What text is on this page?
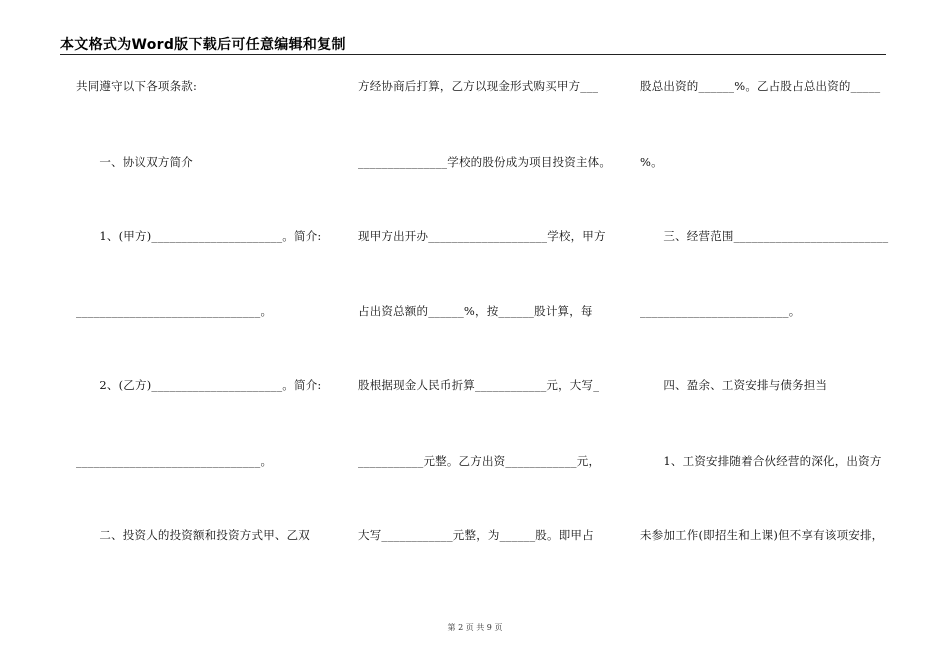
本文格式为Word版下载后可任意编辑和复制
共同遵守以下各项条款:
　　一、协议双方简介
　　1、(甲方)______________________。简介:
_______________________________。
　　2、(乙方)______________________。简介:
_______________________________。
　　二、投资人的投资额和投资方式甲、乙双
方经协商后打算，乙方以现金形式购买甲方___
_______________学校的股份成为项目投资主体。
现甲方出开办____________________学校，甲方
占出资总额的______%，按______股计算，每
股根据现金人民币折算____________元，大写_
___________元整。乙方出资____________元，
大写____________元整，为______股。即甲占
股总出资的______%。乙占股占总出资的_____
%。
　　三、经营范围__________________________
_________________________。
　　四、盈余、工资安排与债务担当
　　1、工资安排随着合伙经营的深化，出资方
未参加工作(即招生和上课)但不享有该项安排，
第 2 页 共 9 页
